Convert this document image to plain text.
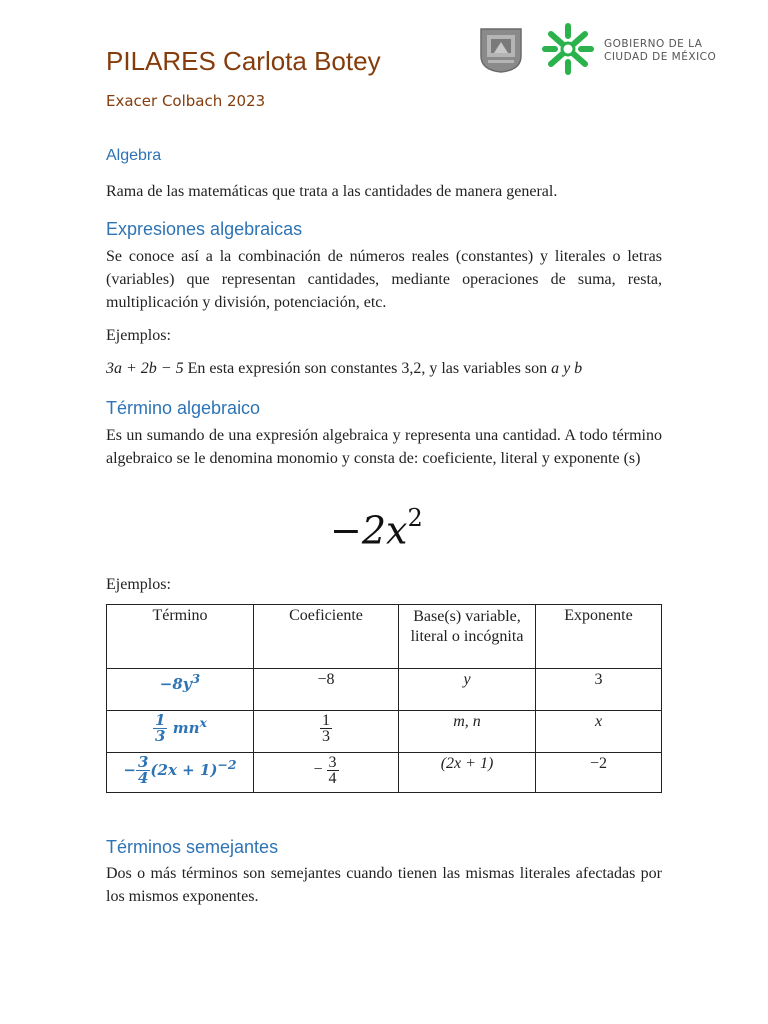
PILARES Carlota Botey
Exacer Colbach 2023
GOBIERNO DE LA
CIUDAD DE MÉXICO
Algebra
Rama de las matemáticas que trata a las cantidades de manera general.
Expresiones algebraicas
Se conoce así a la combinación de números reales (constantes) y literales o letras (variables) que representan cantidades, mediante operaciones de suma, resta, multiplicación y división, potenciación, etc.
Ejemplos:
3a + 2b − 5 En esta expresión son constantes 3,2, y las variables son a y b
Término algebraico
Es un sumando de una expresión algebraica y representa una cantidad. A todo término algebraico se le denomina monomio y consta de: coeficiente, literal y exponente (s)
$-2x^2$
Ejemplos:
Término	Coeficiente	Base(s) variable, literal o incógnita	Exponente
$-8y^3$	−8	y	3

$\frac{1}{3} mn^x$	$\frac{1}{3}$	m, n	x
− $\frac{3}{4} (2x + 1)^{-2}$	− $\frac{3}{4}$	(2x + 1)	−2
Términos semejantes
Dos o más términos son semejantes cuando tienen las mismas literales afectadas por los mismos exponentes.
